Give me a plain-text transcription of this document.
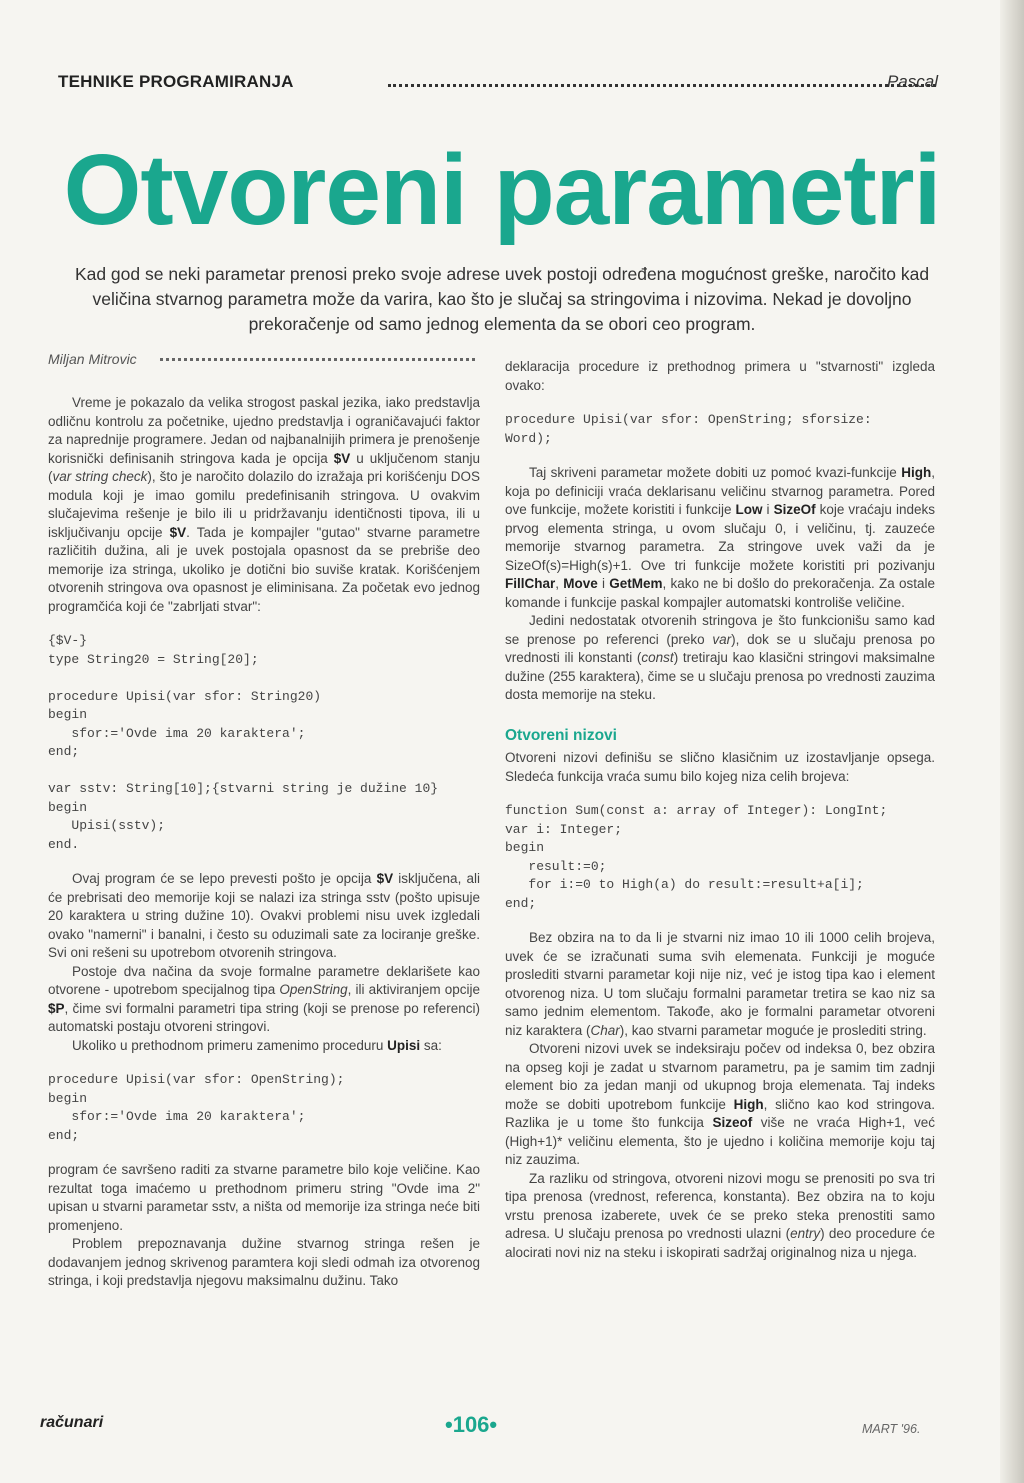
TEHNIKE PROGRAMIRANJA	Pascal
Otvoreni parametri

Kad god se neki parametar prenosi preko svoje adrese uvek postoji određena mogućnost greške, naročito kad veličina stvarnog parametra može da varira, kao što je slučaj sa stringovima i nizovima. Nekad je dovoljno prekoračenje od samo jednog elementa da se obori ceo program.

Miljan Mitrovic

Vreme je pokazalo da velika strogost paskal jezika, iako predstavlja odličnu kontrolu za početnike, ujedno predstavlja i ograničavajući faktor za naprednije programere. Jedan od najbanalnijih primera je prenošenje korisnički definisanih stringova kada je opcija $V u uključenom stanju (var string check), što je naročito dolazilo do izražaja pri korišćenju DOS modula koji je imao gomilu predefinisanih stringova. U ovakvim slučajevima rešenje je bilo ili u pridržavanju identičnosti tipova, ili u isključivanju opcije $V. Tada je kompajler "gutao" stvarne parametre različitih dužina, ali je uvek postojala opasnost da se prebriše deo memorije iza stringa, ukoliko je dotični bio suviše kratak. Korišćenjem otvorenih stringova ova opasnost je eliminisana. Za početak evo jednog programčića koji će "zabrljati stvar":

{$V-}
type String20 = String[20];

procedure Upisi(var sfor: String20)
begin
sfor:='Ovde ima 20 karaktera';
end;

var sstv: String[10];{stvarni string je dužine 10}
begin
Upisi(sstv);
end.

Ovaj program će se lepo prevesti pošto je opcija $V isključena, ali će prebrisati deo memorije koji se nalazi iza stringa sstv (pošto upisuje 20 karaktera u string dužine 10). Ovakvi problemi nisu uvek izgledali ovako "namerni" i banalni, i često su oduzimali sate za lociranje greške. Svi oni rešeni su upotrebom otvorenih stringova.

Postoje dva načina da svoje formalne parametre deklarišete kao otvorene - upotrebom specijalnog tipa OpenString, ili aktiviranjem opcije $P, čime svi formalni parametri tipa string (koji se prenose po referenci) automatski postaju otvoreni stringovi.

Ukoliko u prethodnom primeru zamenimo proceduru Upisi sa:

procedure Upisi(var sfor: OpenString);
begin
sfor:='Ovde ima 20 karaktera';
end;

program će savršeno raditi za stvarne parametre bilo koje veličine. Kao rezultat toga imaćemo u prethodnom primeru string "Ovde ima 2" upisan u stvarni parametar sstv, a ništa od memorije iza stringa neće biti promenjeno.

Problem prepoznavanja dužine stvarnog stringa rešen je dodavanjem jednog skrivenog paramtera koji sledi odmah iza otvorenog stringa, i koji predstavlja njegovu maksimalnu dužinu. Tako

deklaracija procedure iz prethodnog primera u "stvarnosti" izgleda ovako:

procedure Upisi(var sfor: OpenString; sforsize:
Word);

Taj skriveni parametar možete dobiti uz pomoć kvazi-funkcije High, koja po definiciji vraća deklarisanu veličinu stvarnog parametra. Pored ove funkcije, možete koristiti i funkcije Low i SizeOf koje vraćaju indeks prvog elementa stringa, u ovom slučaju 0, i veličinu, tj. zauzeće memorije stvarnog parametra. Za stringove uvek važi da je SizeOf(s)=High(s)+1. Ove tri funkcije možete koristiti pri pozivanju FillChar, Move i GetMem, kako ne bi došlo do prekoračenja. Za ostale komande i funkcije paskal kompajler automatski kontroliše veličine.

Jedini nedostatak otvorenih stringova je što funkcionišu samo kad se prenose po referenci (preko var), dok se u slučaju prenosa po vrednosti ili konstanti (const) tretiraju kao klasični stringovi maksimalne dužine (255 karaktera), čime se u slučaju prenosa po vrednosti zauzima dosta memorije na steku.

Otvoreni nizovi

Otvoreni nizovi definišu se slično klasičnim uz izostavljanje opsega. Sledeća funkcija vraća sumu bilo kojeg niza celih brojeva:

function Sum(const a: array of Integer): LongInt;
var i: Integer;
begin
result:=0;
for i:=0 to High(a) do result:=result+a[i];
end;

Bez obzira na to da li je stvarni niz imao 10 ili 1000 celih brojeva, uvek će se izračunati suma svih elemenata. Funkciji je moguće proslediti stvarni parametar koji nije niz, već je istog tipa kao i element otvorenog niza. U tom slučaju formalni parametar tretira se kao niz sa samo jednim elementom. Takođe, ako je formalni parametar otvoreni niz karaktera (Char), kao stvarni parametar moguće je proslediti string.

Otvoreni nizovi uvek se indeksiraju počev od indeksa 0, bez obzira na opseg koji je zadat u stvarnom parametru, pa je samim tim zadnji element bio za jedan manji od ukupnog broja elemenata. Taj indeks može se dobiti upotrebom funkcije High, slično kao kod stringova. Razlika je u tome što funkcija Sizeof više ne vraća High+1, već (High+1)* veličinu elementa, što je ujedno i količina memorije koju taj niz zauzima.

Za razliku od stringova, otvoreni nizovi mogu se prenositi po sva tri tipa prenosa (vrednost, referenca, konstanta). Bez obzira na to koju vrstu prenosa izaberete, uvek će se preko steka prenostiti samo adresa. U slučaju prenosa po vrednosti ulazni (entry) deo procedure će alocirati novi niz na steku i iskopirati sadržaj originalnog niza u njega.

računari	•106•	MART '96.
